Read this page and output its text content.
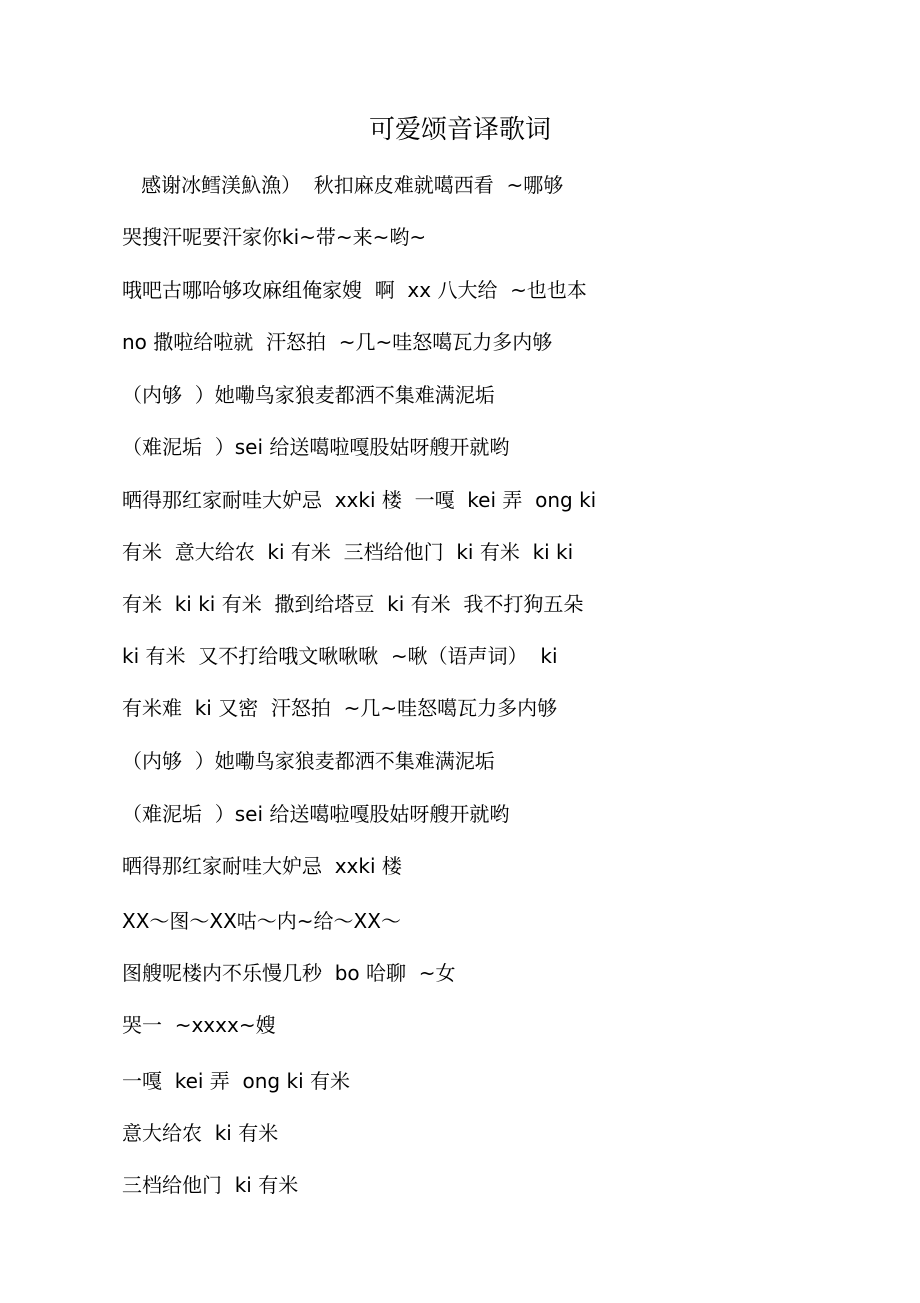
可爱颂音译歌词
感谢冰鳕渼魞漁）  秋扣麻皮难就噶西看  ~哪够
哭搜汗呢要汗家你ki~带~来~哟~
哦吧古哪哈够攻麻组俺家嫂  啊  xx 八大给  ~也也本
no 撒啦给啦就  汗怒拍  ~几~哇怒噶瓦力多内够
（内够  ）她嘞鸟家狼麦都洒不集难满泥垢
（难泥垢  ）sei 给送噶啦嘎股姑呀艘开就哟
晒得那红家耐哇大妒忌  xxki 楼  一嘎  kei 弄  ong ki
有米  意大给农  ki 有米  三档给他门  ki 有米  ki ki
有米  ki ki 有米  撒到给塔豆  ki 有米  我不打狗五朵
ki 有米  又不打给哦文啾啾啾  ~啾（语声词）  ki
有米难  ki 又密  汗怒拍  ~几~哇怒噶瓦力多内够
（内够  ）她嘞鸟家狼麦都洒不集难满泥垢
（难泥垢  ）sei 给送噶啦嘎股姑呀艘开就哟
晒得那红家耐哇大妒忌  xxki 楼
XX～图～XX咕～内~给～XX～
图艘呢楼内不乐慢几秒  bo 哈聊  ~女
哭一  ~xxxx~嫂
一嘎  kei 弄  ong ki 有米
意大给农  ki 有米
三档给他门  ki 有米
